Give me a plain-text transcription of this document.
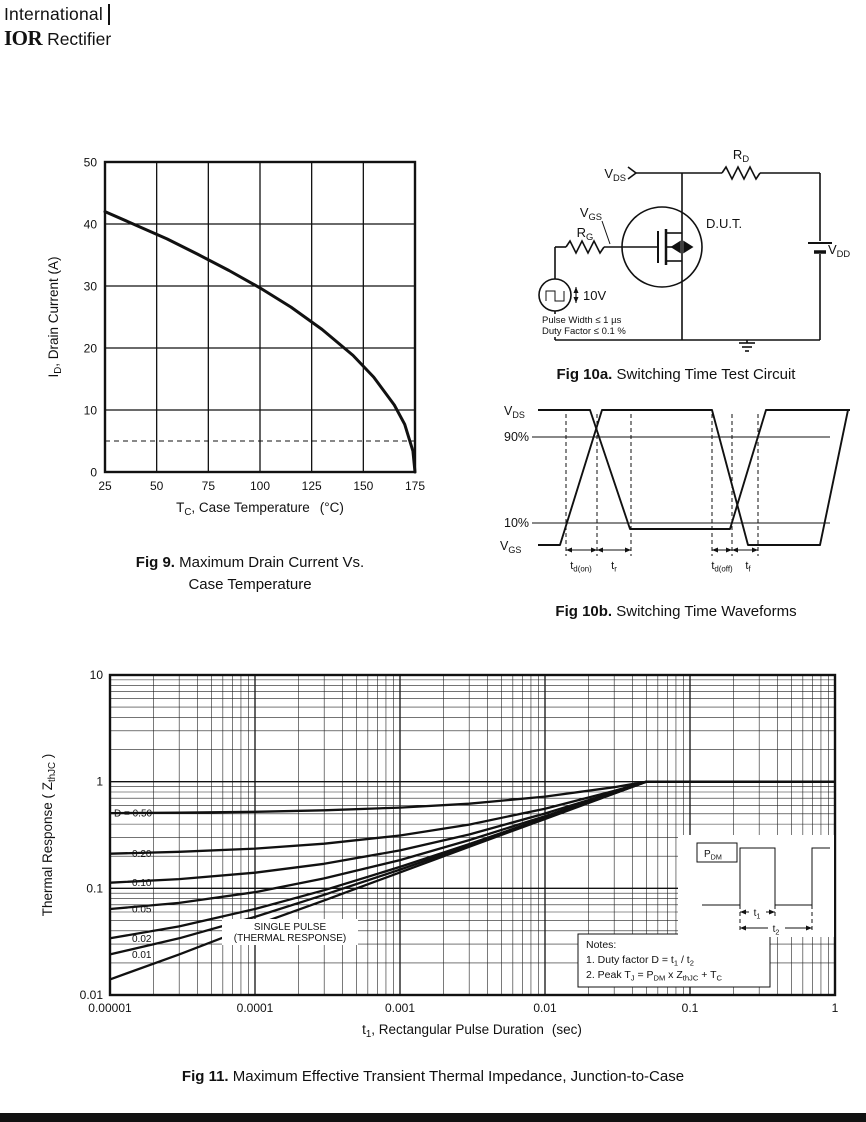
International
IOR Rectifier
25	50	75	100	125	150	175
0
10
20
30
40
50
$I_D$, Drain Current (A)
$T_C$, Case Temperature (°C)
Fig 9. Maximum Drain Current Vs.
Case Temperature
$V_{DS}$
$R_D$
D.U.T.
$V_{GS}$
$R_G$
10V
Pulse Width ≤ 1 µs
Duty Factor ≤ 0.1 %
$V_{DD}$
Fig 10a. Switching Time Test Circuit
$V_{DS}$
90%
10%
$V_{GS}$
$t_{d(on)}$ $t_r$	$t_{d(off)}$ $t_f$
Fig 10b. Switching Time Waveforms
D = 0.50
0.20
0.10
0.05
0.02
0.01
0.00001	0.0001	0.001	0.01	0.1	1
0.01
0.1
1
10
SINGLE PULSE
(THERMAL RESPONSE)
Notes:
1. Duty factor $D = t_1 / t_2$
2. Peak $T_J = P_{DM}$ x $Z_{thJC} + T_C$
$P_{DM}$
$t_1$
$t_2$
Thermal Response ( $Z_{thJC}$ )
$t_1$, Rectangular Pulse Duration (sec)
Fig 11. Maximum Effective Transient Thermal Impedance, Junction-to-Case
